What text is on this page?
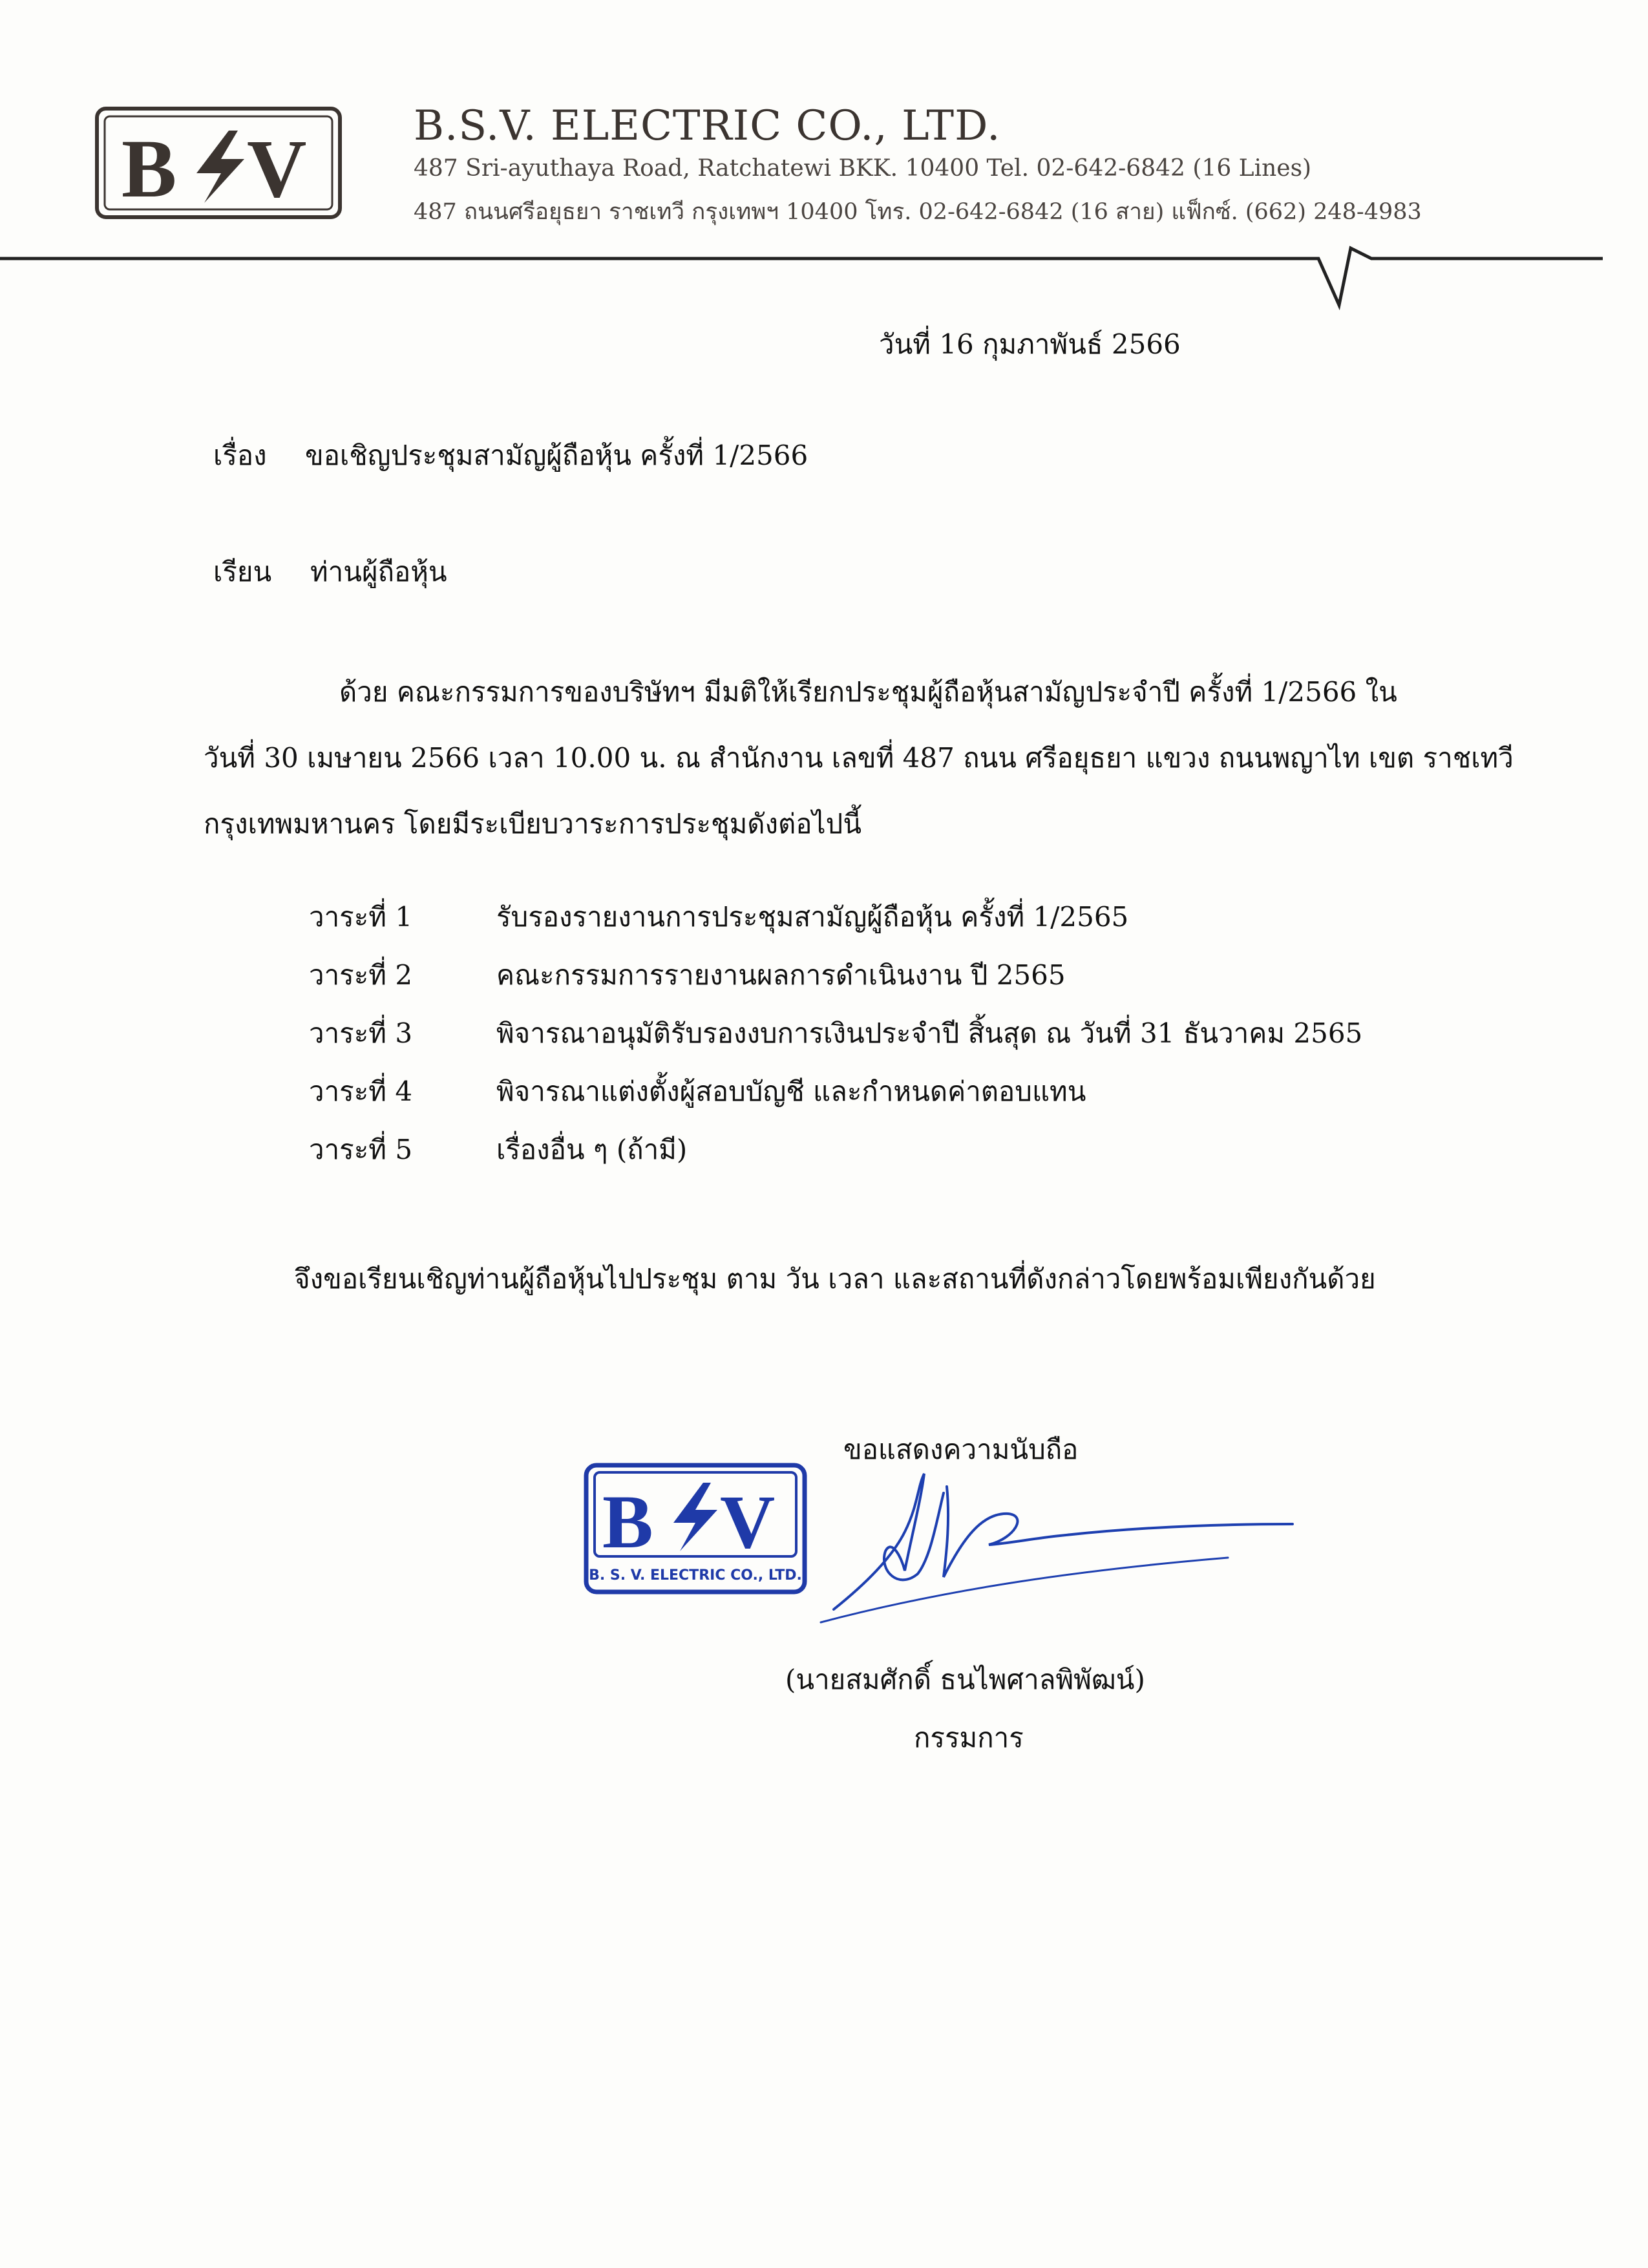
B V	B.S.V. ELECTRIC CO., LTD.
487 Sri-ayuthaya Road, Ratchatewi BKK. 10400 Tel. 02-642-6842 (16 Lines)
487 ถนนศรีอยุธยา ราชเทวี กรุงเทพฯ 10400 โทร. 02-642-6842 (16 สาย) แฟ็กซ์. (662) 248-4983
วันที่ 16 กุมภาพันธ์ 2566
เรื่อง ขอเชิญประชุมสามัญผู้ถือหุ้น ครั้งที่ 1/2566
เรียน ท่านผู้ถือหุ้น
ด้วย คณะกรรมการของบริษัทฯ มีมติให้เรียกประชุมผู้ถือหุ้นสามัญประจำปี ครั้งที่ 1/2566 ใน
วันที่ 30 เมษายน 2566 เวลา 10.00 น. ณ สำนักงาน เลขที่ 487 ถนน ศรีอยุธยา แขวง ถนนพญาไท เขต ราชเทวี
กรุงเทพมหานคร โดยมีระเบียบวาระการประชุมดังต่อไปนี้
วาระที่ 1	รับรองรายงานการประชุมสามัญผู้ถือหุ้น ครั้งที่ 1/2565
วาระที่ 2	คณะกรรมการรายงานผลการดำเนินงาน ปี 2565
วาระที่ 3	พิจารณาอนุมัติรับรองงบการเงินประจำปี สิ้นสุด ณ วันที่ 31 ธันวาคม 2565
วาระที่ 4	พิจารณาแต่งตั้งผู้สอบบัญชี และกำหนดค่าตอบแทน
วาระที่ 5	เรื่องอื่น ๆ (ถ้ามี)
จึงขอเรียนเชิญท่านผู้ถือหุ้นไปประชุม ตาม วัน เวลา และสถานที่ดังกล่าวโดยพร้อมเพียงกันด้วย
ขอแสดงความนับถือ
B V
B. S. V. ELECTRIC CO., LTD.
(นายสมศักดิ์ ธนไพศาลพิพัฒน์)
กรรมการ
